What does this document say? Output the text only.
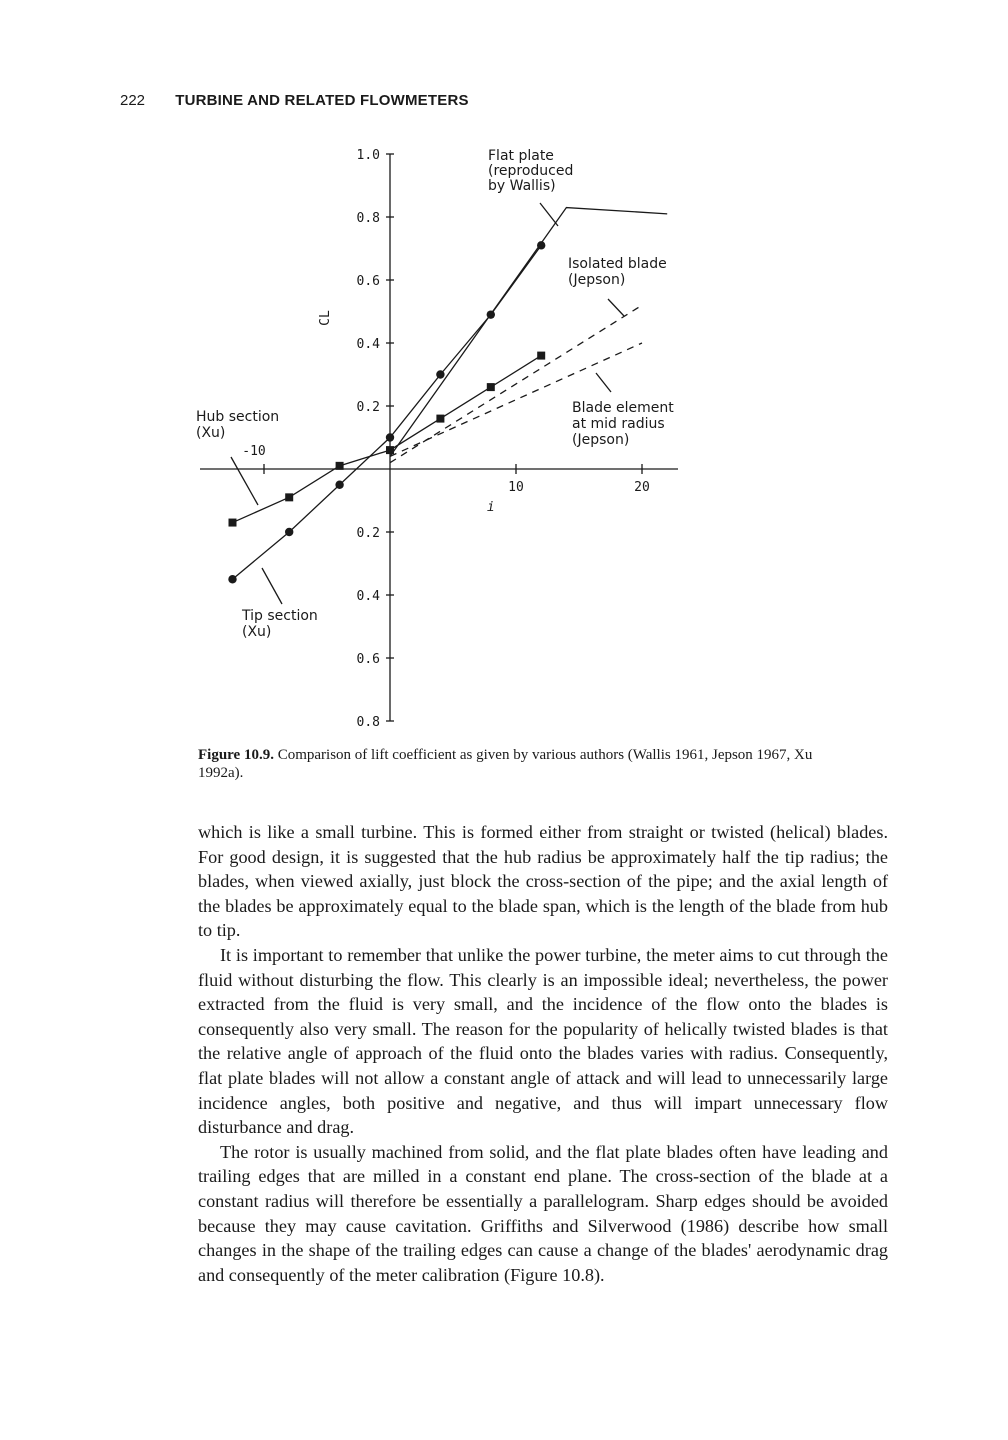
222 TURBINE AND RELATED FLOWMETERS
1.0
0.8
0.6
0.4
0.2
0.2
0.4
0.6
0.8
-10
10	20
CL
i
Flat plate
(reproduced
by Wallis)
Isolated blade
(Jepson)
Blade element
at mid radius
(Jepson)
Hub section
(Xu)
Tip section
(Xu)
Figure 10.9. Comparison of lift coefficient as given by various authors (Wallis 1961, Jepson 1967, Xu 1992a).

which is like a small turbine. This is formed either from straight or twisted (helical) blades. For good design, it is suggested that the hub radius be approximately half the tip radius; the blades, when viewed axially, just block the cross-section of the pipe; and the axial length of the blades be approximately equal to the blade span, which is the length of the blade from hub to tip.

It is important to remember that unlike the power turbine, the meter aims to cut through the fluid without disturbing the flow. This clearly is an impossible ideal; nevertheless, the power extracted from the fluid is very small, and the incidence of the flow onto the blades is consequently also very small. The reason for the popularity of helically twisted blades is that the relative angle of approach of the fluid onto the blades varies with radius. Consequently, flat plate blades will not allow a constant angle of attack and will lead to unnecessarily large incidence angles, both positive and negative, and thus will impart unnecessary flow disturbance and drag.

The rotor is usually machined from solid, and the flat plate blades often have leading and trailing edges that are milled in a constant end plane. The cross-section of the blade at a constant radius will therefore be essentially a parallelogram. Sharp edges should be avoided because they may cause cavitation. Griffiths and Silverwood (1986) describe how small changes in the shape of the trailing edges can cause a change of the blades' aerodynamic drag and consequently of the meter calibration (Figure 10.8).
